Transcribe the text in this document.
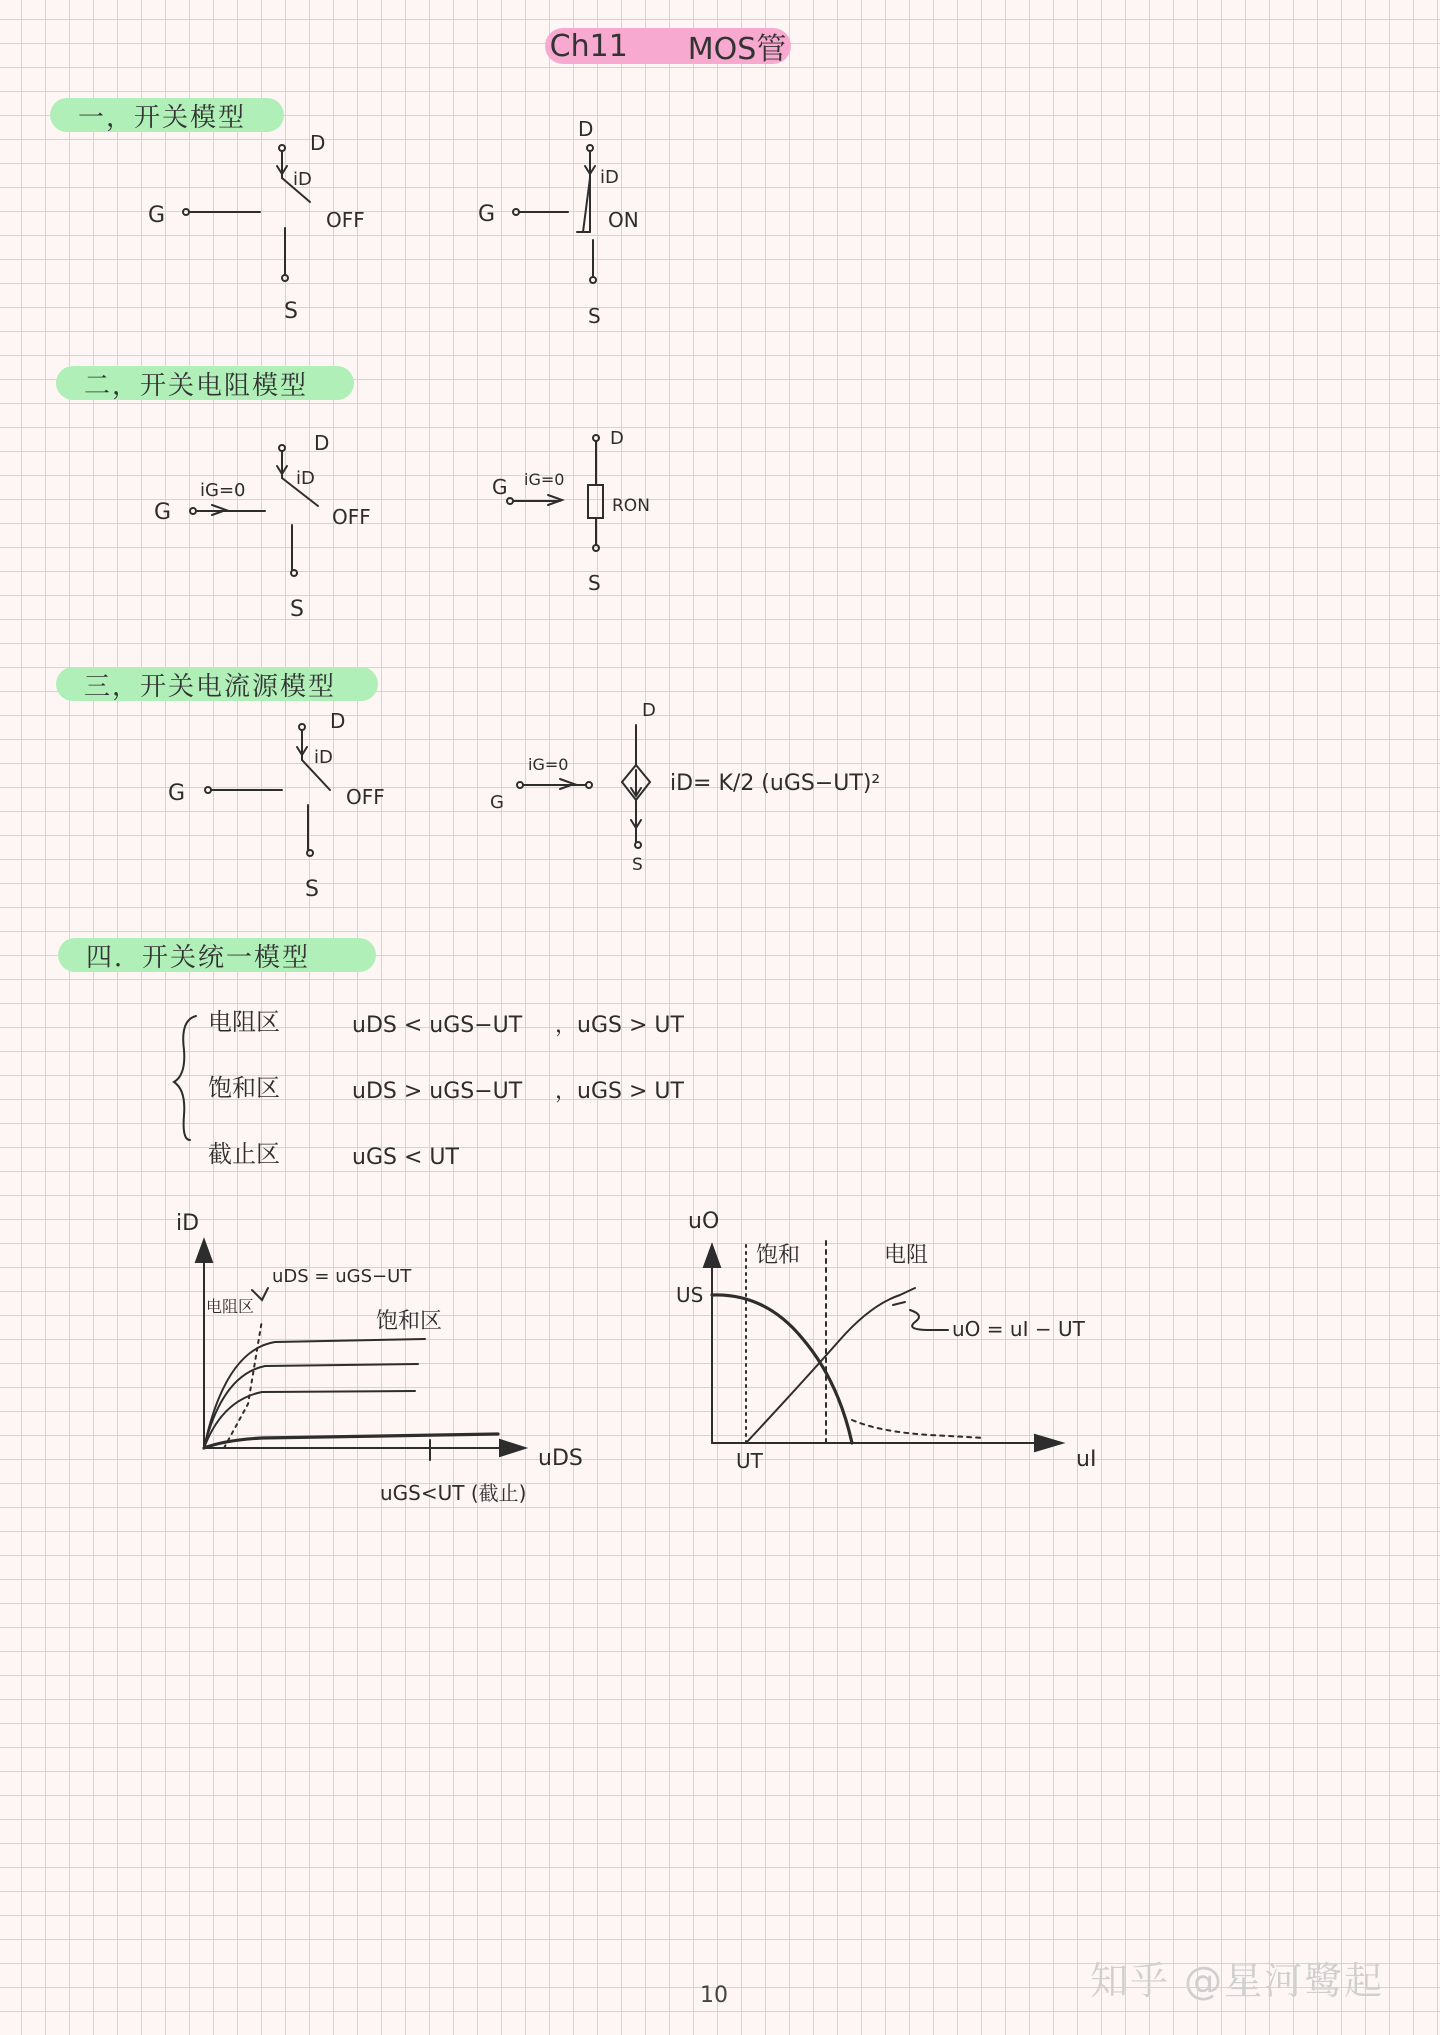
Ch11 MOS管
一，开关模型
二，开关电阻模型
三，开关电流源模型
四．开关统一模型
D
iD
OFF
G
S
D
iD
ON
G
S
D
iD
iG=0
OFF
G
S
D
iG=0
RON
G
S
D
iD
OFF
G
S
D
iG=0
G
S
iD= K/2 (uGS−UT)²
电阻区	uDS < uGS−UT ，uGS > UT
饱和区	uDS > uGS−UT ，uGS > UT
截止区	uGS < UT
iD
uDS
uDS = uGS−UT
电阻区
饱和区
uGS<UT (截止)
uO
uI
US
UT
饱和	电阻
uO = uI − UT
10	知乎 @星河鹭起
